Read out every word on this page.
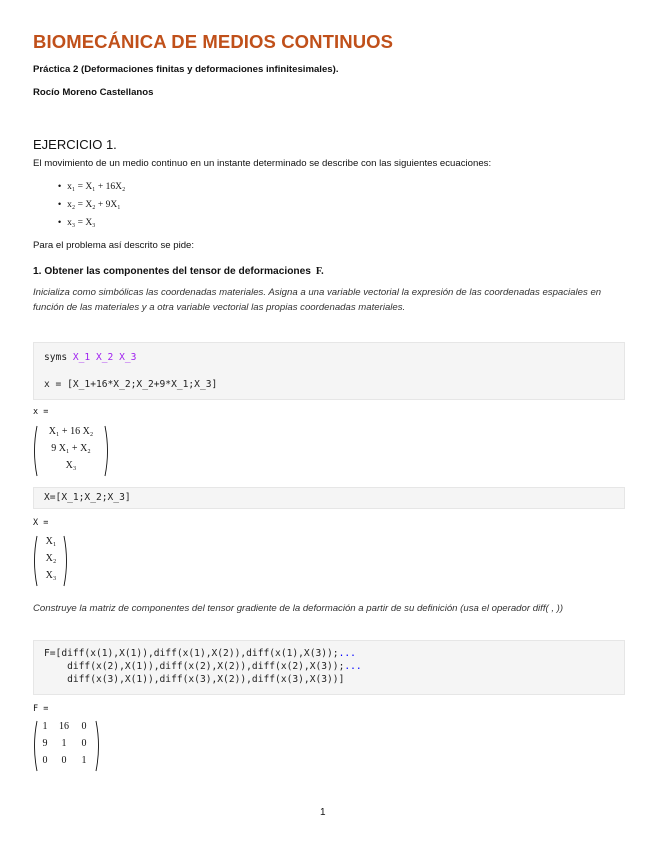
BIOMECÁNICA DE MEDIOS CONTINUOS
Práctica 2 (Deformaciones finitas y deformaciones infinitesimales).
Rocío Moreno Castellanos
EJERCICIO 1.
El movimiento de un medio continuo en un instante determinado se describe con las siguientes ecuaciones:
• x₁ = X₁ + 16X₂
• x₂ = X₂ + 9X₁
• x₃ = X₃
Para el problema así descrito se pide:
1. Obtener las componentes del tensor de deformaciones F.
Inicializa como simbólicas las coordenadas materiales. Asigna a una variable vectorial la expresión de las coordenadas espaciales en función de las materiales y a otra variable vectorial las propias coordenadas materiales.
syms X_1 X_2 X_3
x = [X_1+16*X_2;X_2+9*X_1;X_3]
x =
X₁ + 16 X₂
9 X₁ + X₂
X₃
X=[X_1;X_2;X_3]
X =
X₁
X₂
X₃
Construye la matriz de componentes del tensor gradiente de la deformación a partir de su definición (usa el operador diff( , ))
F=[diff(x(1),X(1)),diff(x(1),X(2)),diff(x(1),X(3));...
diff(x(2),X(1)),diff(x(2),X(2)),diff(x(2),X(3));...
diff(x(3),X(1)),diff(x(3),X(2)),diff(x(3),X(3))]
F =
1	16	0
9	1	0
0	0	1
1
